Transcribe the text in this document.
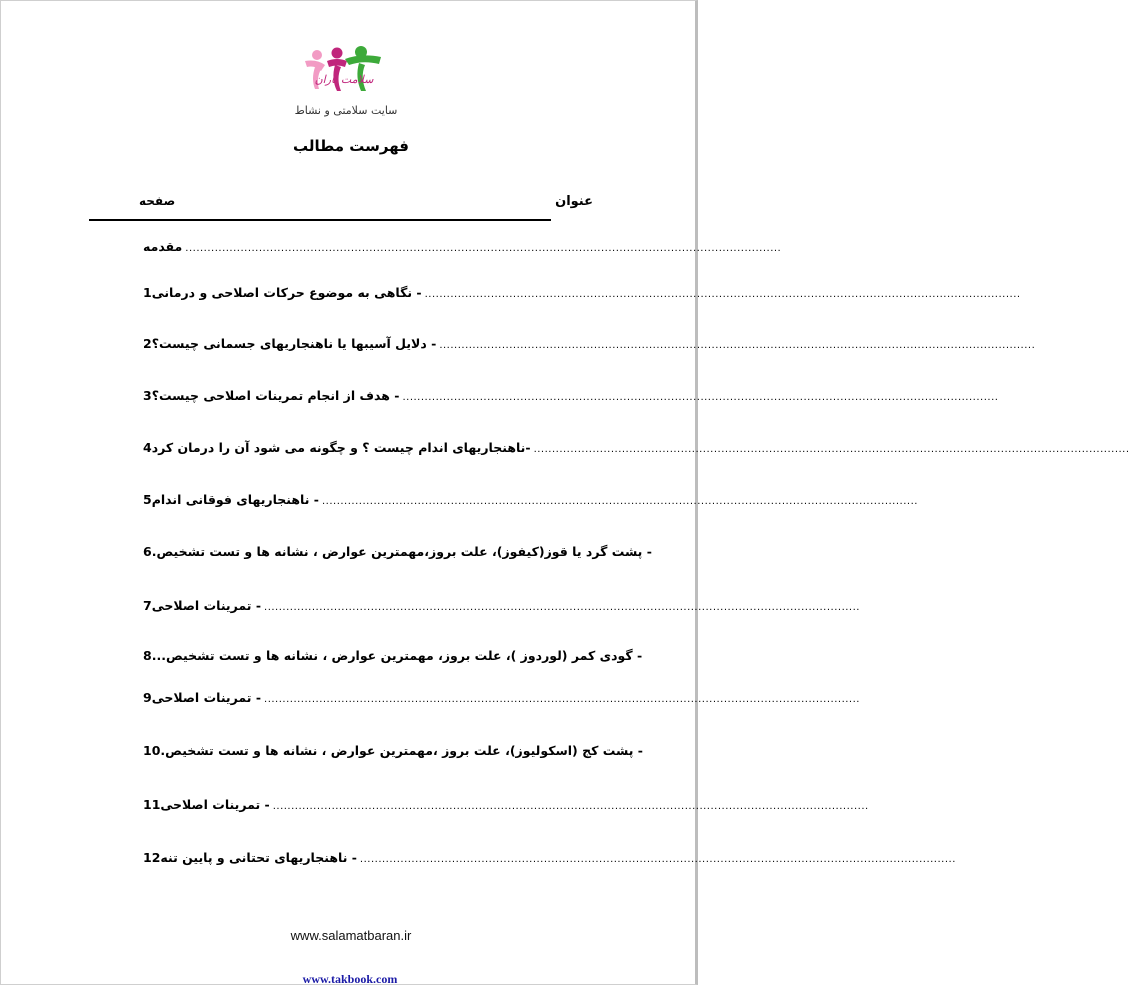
سلامت باران
سایت سلامتی و نشاط
فهرست مطالب
عنوان
صفحه
مقدمه ..................................................................................................................................................................
1 - نگاهی به موضوع حرکات اصلاحی و درمانی ..................................................................................................................................................................
2 - دلایل آسیبها یا ناهنجاریهای جسمانی چیست؟ ..................................................................................................................................................................
3 - هدف از انجام تمرینات اصلاحی چیست؟ ..................................................................................................................................................................
4 -ناهنجاریهای اندام چیست ؟ و چگونه می شود آن را درمان کرد ..................................................................................................................................................................
5 - ناهنجاریهای فوقانی اندام ..................................................................................................................................................................
6 - پشت گرد یا قوز(کیفوز)، علت بروز،مهمترین عوارض ، نشانه ها و تست تشخیص.
7 - تمرینات اصلاحی ..................................................................................................................................................................
8 - گودی کمر (لوردوز )، علت بروز، مهمترین عوارض ، نشانه ها و تست تشخیص...
9 - تمرینات اصلاحی ..................................................................................................................................................................
10 - پشت کج (اسکولیوز)، علت بروز ،مهمترین عوارض ، نشانه ها و تست تشخیص.
11 - تمرینات اصلاحی ..................................................................................................................................................................
12 - ناهنجاریهای تحتانی و پایین تنه ..................................................................................................................................................................
www.salamatbaran.ir
www.takbook.com
